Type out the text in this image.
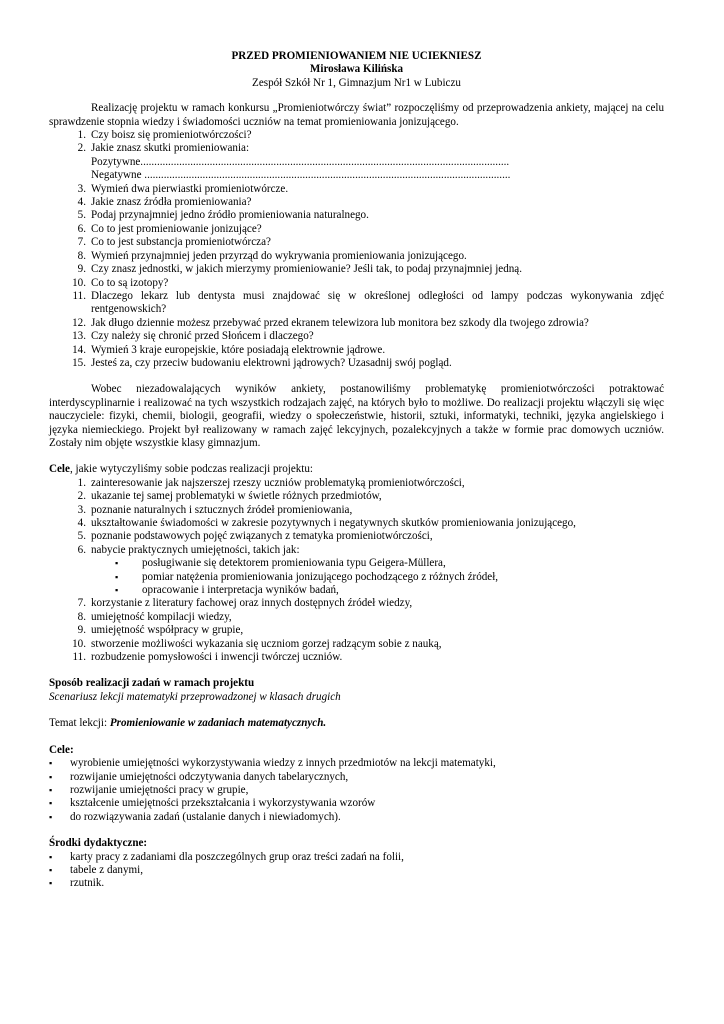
PRZED PROMIENIOWANIEM NIE UCIEKNIESZ
Mirosława Kilińska
Zespół Szkół Nr 1, Gimnazjum Nr1 w Lubiczu

Realizację projektu w ramach konkursu „Promieniotwórczy świat” rozpoczęliśmy od przeprowadzenia ankiety, mającej na celu sprawdzenie stopnia wiedzy i świadomości uczniów na temat promieniowania jonizującego.

1. Czy boisz się promieniotwórczości?
2. Jakie znasz skutki promieniowania:
Pozytywne.....................................................................................................................................
Negatywne ....................................................................................................................................
3. Wymień dwa pierwiastki promieniotwórcze.
4. Jakie znasz źródła promieniowania?
5. Podaj przynajmniej jedno źródło promieniowania naturalnego.
6. Co to jest promieniowanie jonizujące?
7. Co to jest substancja promieniotwórcza?
8. Wymień przynajmniej jeden przyrząd do wykrywania promieniowania jonizującego.
9. Czy znasz jednostki, w jakich mierzymy promieniowanie? Jeśli tak, to podaj przynajmniej jedną.
10. Co to są izotopy?
11. Dlaczego lekarz lub dentysta musi znajdować się w określonej odległości od lampy podczas wykonywania zdjęć rentgenowskich?
12. Jak długo dziennie możesz przebywać przed ekranem telewizora lub monitora bez szkody dla twojego zdrowia?
13. Czy należy się chronić przed Słońcem i dlaczego?
14. Wymień 3 kraje europejskie, które posiadają elektrownie jądrowe.
15. Jesteś za, czy przeciw budowaniu elektrowni jądrowych? Uzasadnij swój pogląd.

Wobec niezadowalających wyników ankiety, postanowiliśmy problematykę promieniotwórczości potraktować interdyscyplinarnie i realizować na tych wszystkich rodzajach zajęć, na których było to możliwe. Do realizacji projektu włączyli się więc nauczyciele: fizyki, chemii, biologii, geografii, wiedzy o społeczeństwie, historii, sztuki, informatyki, techniki, języka angielskiego i języka niemieckiego. Projekt był realizowany w ramach zajęć lekcyjnych, pozalekcyjnych a także w formie prac domowych uczniów. Zostały nim objęte wszystkie klasy gimnazjum.

Cele, jakie wytyczyliśmy sobie podczas realizacji projektu:
1. zainteresowanie jak najszerszej rzeszy uczniów problematyką promieniotwórczości,
2. ukazanie tej samej problematyki w świetle różnych przedmiotów,
3. poznanie naturalnych i sztucznych źródeł promieniowania,
4. ukształtowanie świadomości w zakresie pozytywnych i negatywnych skutków promieniowania jonizującego,
5. poznanie podstawowych pojęć związanych z tematyka promieniotwórczości,
6. nabycie praktycznych umiejętności, takich jak:
▪ posługiwanie się detektorem promieniowania typu Geigera-Müllera,
▪ pomiar natężenia promieniowania jonizującego pochodzącego z różnych źródeł,
▪ opracowanie i interpretacja wyników badań,
7. korzystanie z literatury fachowej oraz innych dostępnych źródeł wiedzy,
8. umiejętność kompilacji wiedzy,
9. umiejętność współpracy w grupie,
10. stworzenie możliwości wykazania się uczniom gorzej radzącym sobie z nauką,
11. rozbudzenie pomysłowości i inwencji twórczej uczniów.
Sposób realizacji zadań w ramach projektu
Scenariusz lekcji matematyki przeprowadzonej w klasach drugich
Temat lekcji: Promieniowanie w zadaniach matematycznych.
Cele:
▪ wyrobienie umiejętności wykorzystywania wiedzy z innych przedmiotów na lekcji matematyki,
▪ rozwijanie umiejętności odczytywania danych tabelarycznych,
▪ rozwijanie umiejętności pracy w grupie,
▪ kształcenie umiejętności przekształcania i wykorzystywania wzorów
▪ do rozwiązywania zadań (ustalanie danych i niewiadomych).
Środki dydaktyczne:
▪ karty pracy z zadaniami dla poszczególnych grup oraz treści zadań na folii,
▪ tabele z danymi,
▪ rzutnik.
